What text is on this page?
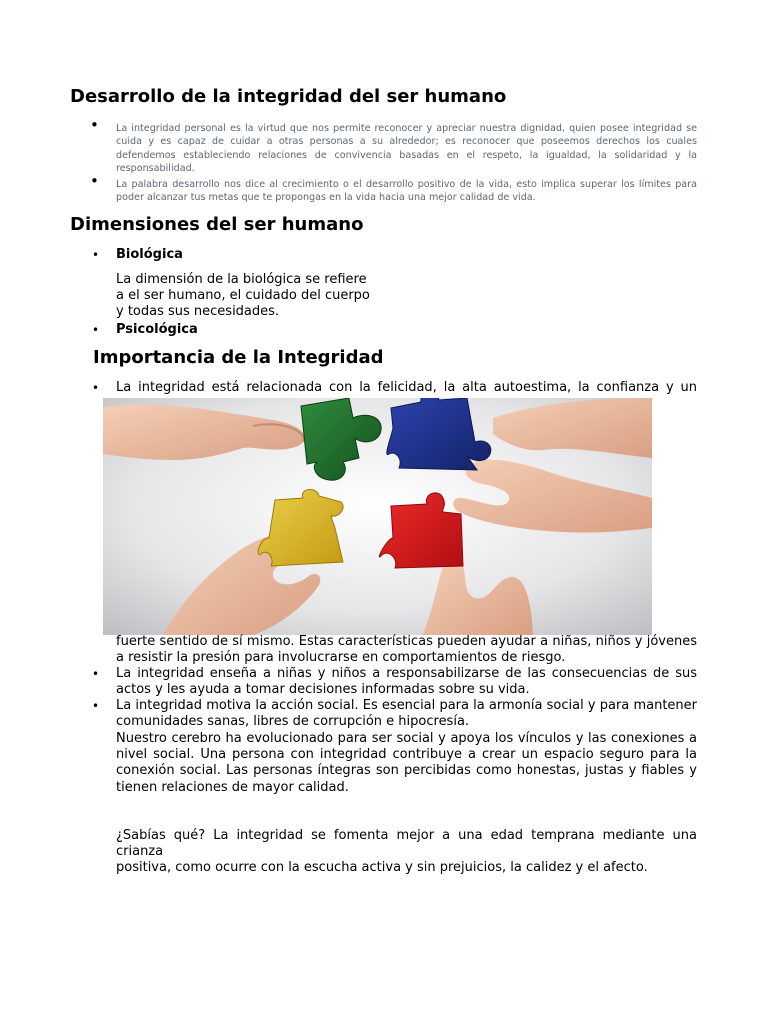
Desarrollo de la integridad del ser humano
• La integridad personal es la virtud que nos permite reconocer y apreciar nuestra dignidad, quien posee integridad se cuida y es capaz de cuidar a otras personas a su alrededor; es reconocer que poseemos derechos los cuales defendemos estableciendo relaciones de convivencia basadas en el respeto, la igualdad, la solidaridad y la responsabilidad.
• La palabra desarrollo nos dice al crecimiento o el desarrollo positivo de la vida, esto implica superar los límites para poder alcanzar tus metas que te propongas en la vida hacia una mejor calidad de vida.
Dimensiones del ser humano
• Biológica
La dimensión de la biológica se refiere
a el ser humano, el cuidado del cuerpo
y todas sus necesidades.
• Psicológica
Importancia de la Integridad
• La integridad está relacionada con la felicidad, la alta autoestima, la confianza y un
fuerte sentido de sí mismo. Estas características pueden ayudar a niñas, niños y jóvenes
a resistir la presión para involucrarse en comportamientos de riesgo.
• La integridad enseña a niñas y niños a responsabilizarse de las consecuencias de sus
actos y les ayuda a tomar decisiones informadas sobre su vida.
• La integridad motiva la acción social. Es esencial para la armonía social y para mantener
comunidades sanas, libres de corrupción e hipocresía.
Nuestro cerebro ha evolucionado para ser social y apoya los vínculos y las conexiones a
nivel social. Una persona con integridad contribuye a crear un espacio seguro para la
conexión social. Las personas íntegras son percibidas como honestas, justas y fiables y
tienen relaciones de mayor calidad.
¿Sabías qué? La integridad se fomenta mejor a una edad temprana mediante una crianza
positiva, como ocurre con la escucha activa y sin prejuicios, la calidez y el afecto.
